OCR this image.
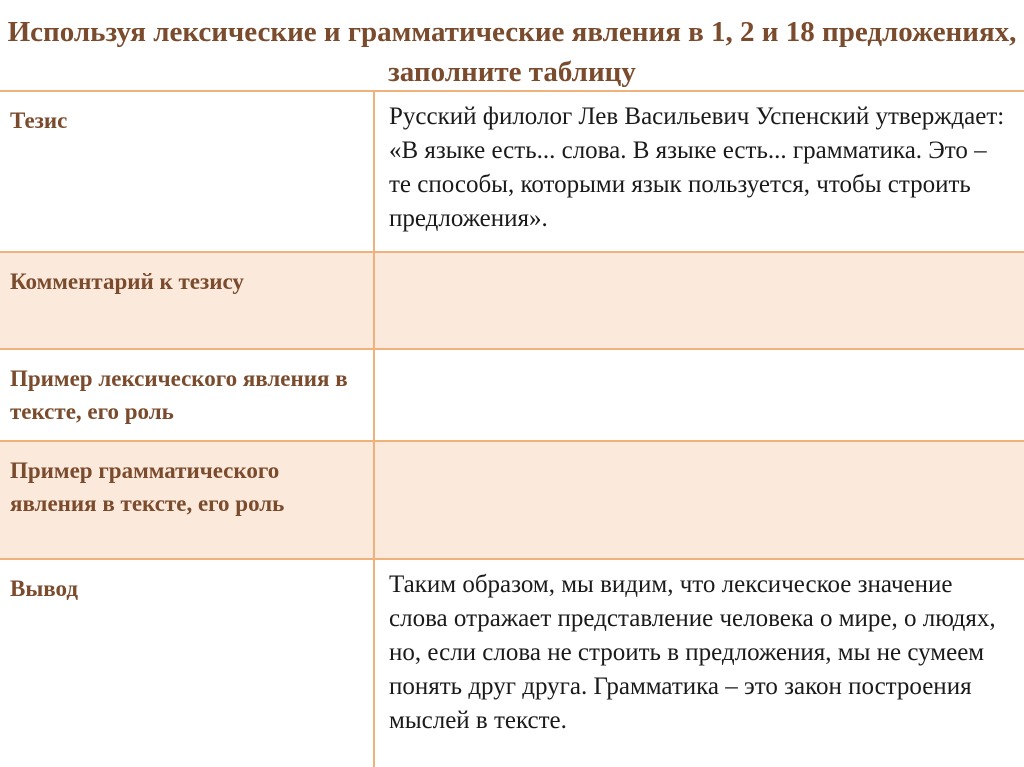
Используя лексические и грамматические явления в 1, 2 и 18 предложениях, заполните таблицу
Тезис	Русский филолог Лев Васильевич Успенский утверждает: «В языке есть... слова. В языке есть... грамматика. Это – те способы, которыми язык пользуется, чтобы строить предложения».
Комментарий к тезису
Пример лексического явления в тексте, его роль
Пример грамматического явления в тексте, его роль
Вывод	Таким образом, мы видим, что лексическое значение слова отражает представление человека о мире, о людях, но, если слова не строить в предложения, мы не сумеем понять друг друга. Грамматика – это закон построения мыслей в тексте.
